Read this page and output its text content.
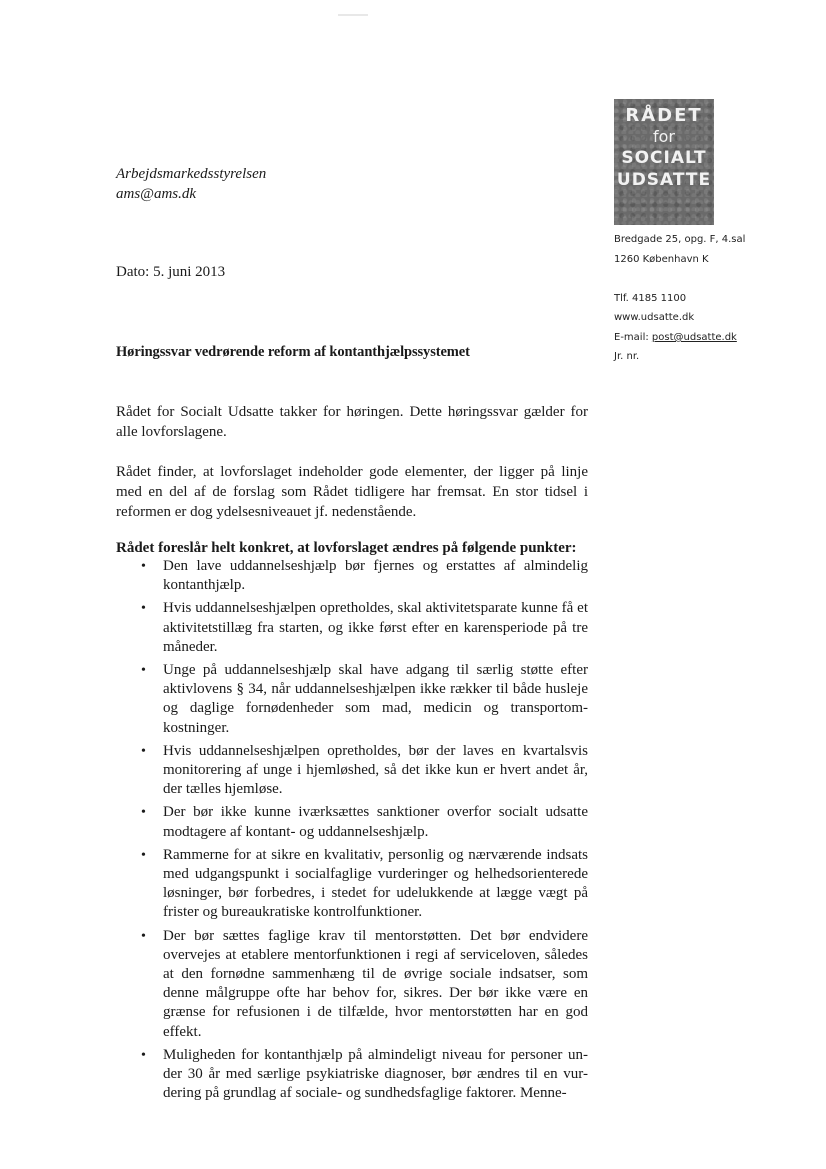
Arbejdsmarkedsstyrelsen
ams@ams.dk
Dato: 5. juni 2013
Høringssvar vedrørende reform af kontanthjælpssystemet
RÅDET
for
SOCIALT
UDSATTE
Bredgade 25, opg. F, 4.sal
1260 København K
Tlf. 4185 1100
www.udsatte.dk
E-mail: post@udsatte.dk
Jr. nr.
Rådet for Socialt Udsatte takker for høringen. Dette høringssvar gælder for alle lovforslagene.
Rådet finder, at lovforslaget indeholder gode elementer, der ligger på linje med en del af de forslag som Rådet tidligere har fremsat. En stor tidsel i reformen er dog ydelsesniveauet jf. nedenstående.
Rådet foreslår helt konkret, at lovforslaget ændres på følgende punkter:
• Den lave uddannelseshjælp bør fjernes og erstattes af almindelig kontanthjælp.
• Hvis uddannelseshjælpen opretholdes, skal aktivitetsparate kunne få et aktivitetstillæg fra starten, og ikke først efter en karensperiode på tre måneder.
• Unge på uddannelseshjælp skal have adgang til særlig støtte efter aktivlovens § 34, når uddannelseshjælpen ikke rækker til både husleje og daglige fornødenheder som mad, medicin og transportom-kostninger.
• Hvis uddannelseshjælpen opretholdes, bør der laves en kvartalsvis monitorering af unge i hjemløshed, så det ikke kun er hvert andet år, der tælles hjemløse.
• Der bør ikke kunne iværksættes sanktioner overfor socialt udsatte modtagere af kontant- og uddannelseshjælp.
• Rammerne for at sikre en kvalitativ, personlig og nærværende indsats med udgangspunkt i socialfaglige vurderinger og helhedsorienterede løsninger, bør forbedres, i stedet for udelukkende at lægge vægt på frister og bureaukratiske kontrolfunktioner.
• Der bør sættes faglige krav til mentorstøtten. Det bør endvidere overvejes at etablere mentorfunktionen i regi af serviceloven, således at den fornødne sammenhæng til de øvrige sociale indsatser, som denne målgruppe ofte har behov for, sikres. Der bør ikke være en grænse for refusionen i de tilfælde, hvor mentorstøtten har en god effekt.
• Muligheden for kontanthjælp på almindeligt niveau for personer un-der 30 år med særlige psykiatriske diagnoser, bør ændres til en vur-dering på grundlag af sociale- og sundhedsfaglige faktorer. Menne-
